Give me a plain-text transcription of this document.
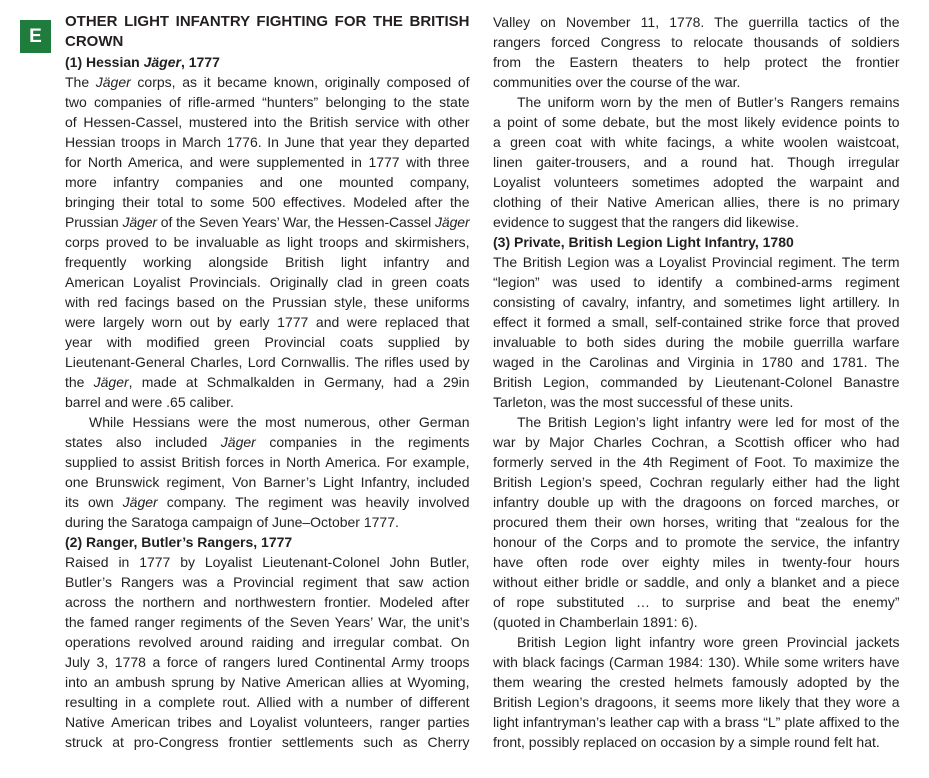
E
OTHER LIGHT INFANTRY FIGHTING FOR THE BRITISH
CROWN
(1) Hessian Jäger, 1777
The Jäger corps, as it became known, originally composed of
two companies of rifle-armed “hunters” belonging to the state
of Hessen-Cassel, mustered into the British service with other
Hessian troops in March 1776. In June that year they departed
for North America, and were supplemented in 1777 with three
more infantry companies and one mounted company,
bringing their total to some 500 effectives. Modeled after the
Prussian Jäger of the Seven Years’ War, the Hessen-Cassel Jäger
corps proved to be invaluable as light troops and skirmishers,
frequently working alongside British light infantry and
American Loyalist Provincials. Originally clad in green coats
with red facings based on the Prussian style, these uniforms
were largely worn out by early 1777 and were replaced that
year with modified green Provincial coats supplied by
Lieutenant-General Charles, Lord Cornwallis. The rifles used by
the Jäger, made at Schmalkalden in Germany, had a 29in
barrel and were .65 caliber.
While Hessians were the most numerous, other German
states also included Jäger companies in the regiments
supplied to assist British forces in North America. For example,
one Brunswick regiment, Von Barner’s Light Infantry, included
its own Jäger company. The regiment was heavily involved
during the Saratoga campaign of June–October 1777.
(2) Ranger, Butler’s Rangers, 1777
Raised in 1777 by Loyalist Lieutenant-Colonel John Butler,
Butler’s Rangers was a Provincial regiment that saw action
across the northern and northwestern frontier. Modeled after
the famed ranger regiments of the Seven Years’ War, the unit’s
operations revolved around raiding and irregular combat. On
July 3, 1778 a force of rangers lured Continental Army troops
into an ambush sprung by Native American allies at Wyoming,
resulting in a complete rout. Allied with a number of different
Native American tribes and Loyalist volunteers, ranger parties
struck at pro-Congress frontier settlements such as Cherry
Valley on November 11, 1778. The guerrilla tactics of the
rangers forced Congress to relocate thousands of soldiers
from the Eastern theaters to help protect the frontier
communities over the course of the war.
The uniform worn by the men of Butler’s Rangers remains
a point of some debate, but the most likely evidence points to
a green coat with white facings, a white woolen waistcoat,
linen gaiter-trousers, and a round hat. Though irregular
Loyalist volunteers sometimes adopted the warpaint and
clothing of their Native American allies, there is no primary
evidence to suggest that the rangers did likewise.
(3) Private, British Legion Light Infantry, 1780
The British Legion was a Loyalist Provincial regiment. The term
“legion” was used to identify a combined-arms regiment
consisting of cavalry, infantry, and sometimes light artillery. In
effect it formed a small, self-contained strike force that proved
invaluable to both sides during the mobile guerrilla warfare
waged in the Carolinas and Virginia in 1780 and 1781. The
British Legion, commanded by Lieutenant-Colonel Banastre
Tarleton, was the most successful of these units.
The British Legion’s light infantry were led for most of the
war by Major Charles Cochran, a Scottish officer who had
formerly served in the 4th Regiment of Foot. To maximize the
British Legion’s speed, Cochran regularly either had the light
infantry double up with the dragoons on forced marches, or
procured them their own horses, writing that “zealous for the
honour of the Corps and to promote the service, the infantry
have often rode over eighty miles in twenty-four hours
without either bridle or saddle, and only a blanket and a piece
of rope substituted … to surprise and beat the enemy”
(quoted in Chamberlain 1891: 6).
British Legion light infantry wore green Provincial jackets
with black facings (Carman 1984: 130). While some writers have
them wearing the crested helmets famously adopted by the
British Legion’s dragoons, it seems more likely that they wore a
light infantryman’s leather cap with a brass “L” plate affixed to the
front, possibly replaced on occasion by a simple round felt hat.
